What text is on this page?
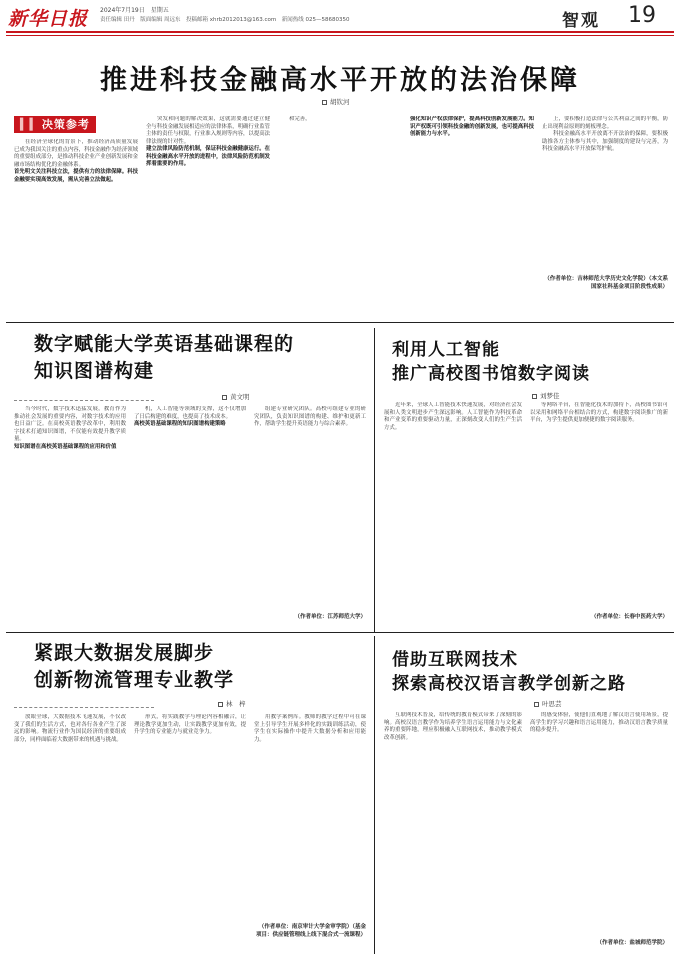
新华日报 2024年7月19日　星期五
责任编辑 田丹　版面编辑 周远东　投稿邮箱 xhrb2012013@163.com　新闻热线 025—58680350	智观 19
推进科技金融高水平开放的法治保障
胡钦河
▍▍ 决策参考

在经济全球化的背景下，推动经济高质量发展已成为我国关注的重点内容，科技金融作为经济领域的重要组成部分，是推动科技企业产业创新发展和金融市场结构优化的金融体系。

首先明文关注科技立法，提供有力的法律保障。科技金融要实现高效发展，需从完善立法做起。

突发和问题的解决效果，这就需要通过建立健全与科技金融发展相适应的法律体系，明确行业监管主体的责任与权限，行业准入规则等内容，以提高法律法规的针对性。

建立法律风险防范机制，保证科技金融健康运行。在科技金融高水平开放的进程中，法律风险防范机制发挥着重要的作用。

和完善，	强化知识产权法律保护，提高科技创新发展能力。知识产权既可引领科技金融的创新发展，也可提高科技创新能力与水平。

上，要积极打造法律与公共利益之间的平衡，防止出现利益原则的刻板理念。

科技金融高水平开放离不开法治的保障，要积极助推各方主体参与其中，加强制度的建设与完善，为科技金融高水平开放保驾护航。

（作者单位：吉林师范大学历史文化学院）（本文系国家社科基金项目阶段性成果）
数字赋能大学英语基础课程的
知识图谱构建
黄文明

当今时代，数字技术迅猛发展，教育作为推动社会发展的重要内容，对数字技术的应用也日益广泛。在高校英语教学改革中，利用数字技术打通知识图谱，不仅能有效提升教学质量。

知识图谱在高校英语基础课程的应用和价值

机，人工智能等领域的支撑，这不仅增加了日后构建的难度，也提高了技术成本。

高校英语基础课程的知识图谱构建策略

组建专业研究团队。高校可组建专业的研究团队，负责知识图谱的构建、维护和更新工作，帮助学生提升英语能力与综合素养。

（作者单位：江苏师范大学）
利用人工智能
推广高校图书馆数字阅读
刘梦佳

近年来，全球人工智能技术快速发展，对经济社会发展和人类文明进步产生深远影响。人工智能作为科技革命和产业变革的重要驱动力量，正深刻改变人们的生产生活方式。

等网络平台，在智能化技术的加持下，高校图书馆可以采用和网络平台相结合的方式，构建数字阅读推广的新平台，为学生提供更加便捷的数字阅读服务。

（作者单位：长春中医药大学）
紧跟大数据发展脚步
创新物流管理专业教学
林　梓

放眼全球，大数据技术飞速发展，不仅改变了我们的生活方式，也对各行各业产生了深远的影响。物流行业作为国民经济的重要组成部分，同样面临着大数据带来的机遇与挑战。

形式，将实践教学与理论内容相融合，让理论教学更加生动，让实践教学更加有效，提升学生的专业能力与就业竞争力。

用教学案例库。教师的教学过程中可在课堂上引导学生开展多样化的实践训练活动，使学生在实际操作中提升大数据分析和应用能力。

（作者单位：南京审计大学金审学院）（基金项目：供应链管理线上线下混合式一流课程）
借助互联网技术
探索高校汉语言教学创新之路
叶思芸

互联网技术普及，给传统的教育模式带来了深刻的影响。高校汉语言教学作为培养学生语言运用能力与文化素养的重要阵地，理应积极融入互联网技术，推动教学模式改革创新。

的感受体验，使他们直观地了解汉语言使用场景，提高学生的学习兴趣和语言运用能力，推动汉语言教学质量的稳步提升。

（作者单位：盐城师范学院）
